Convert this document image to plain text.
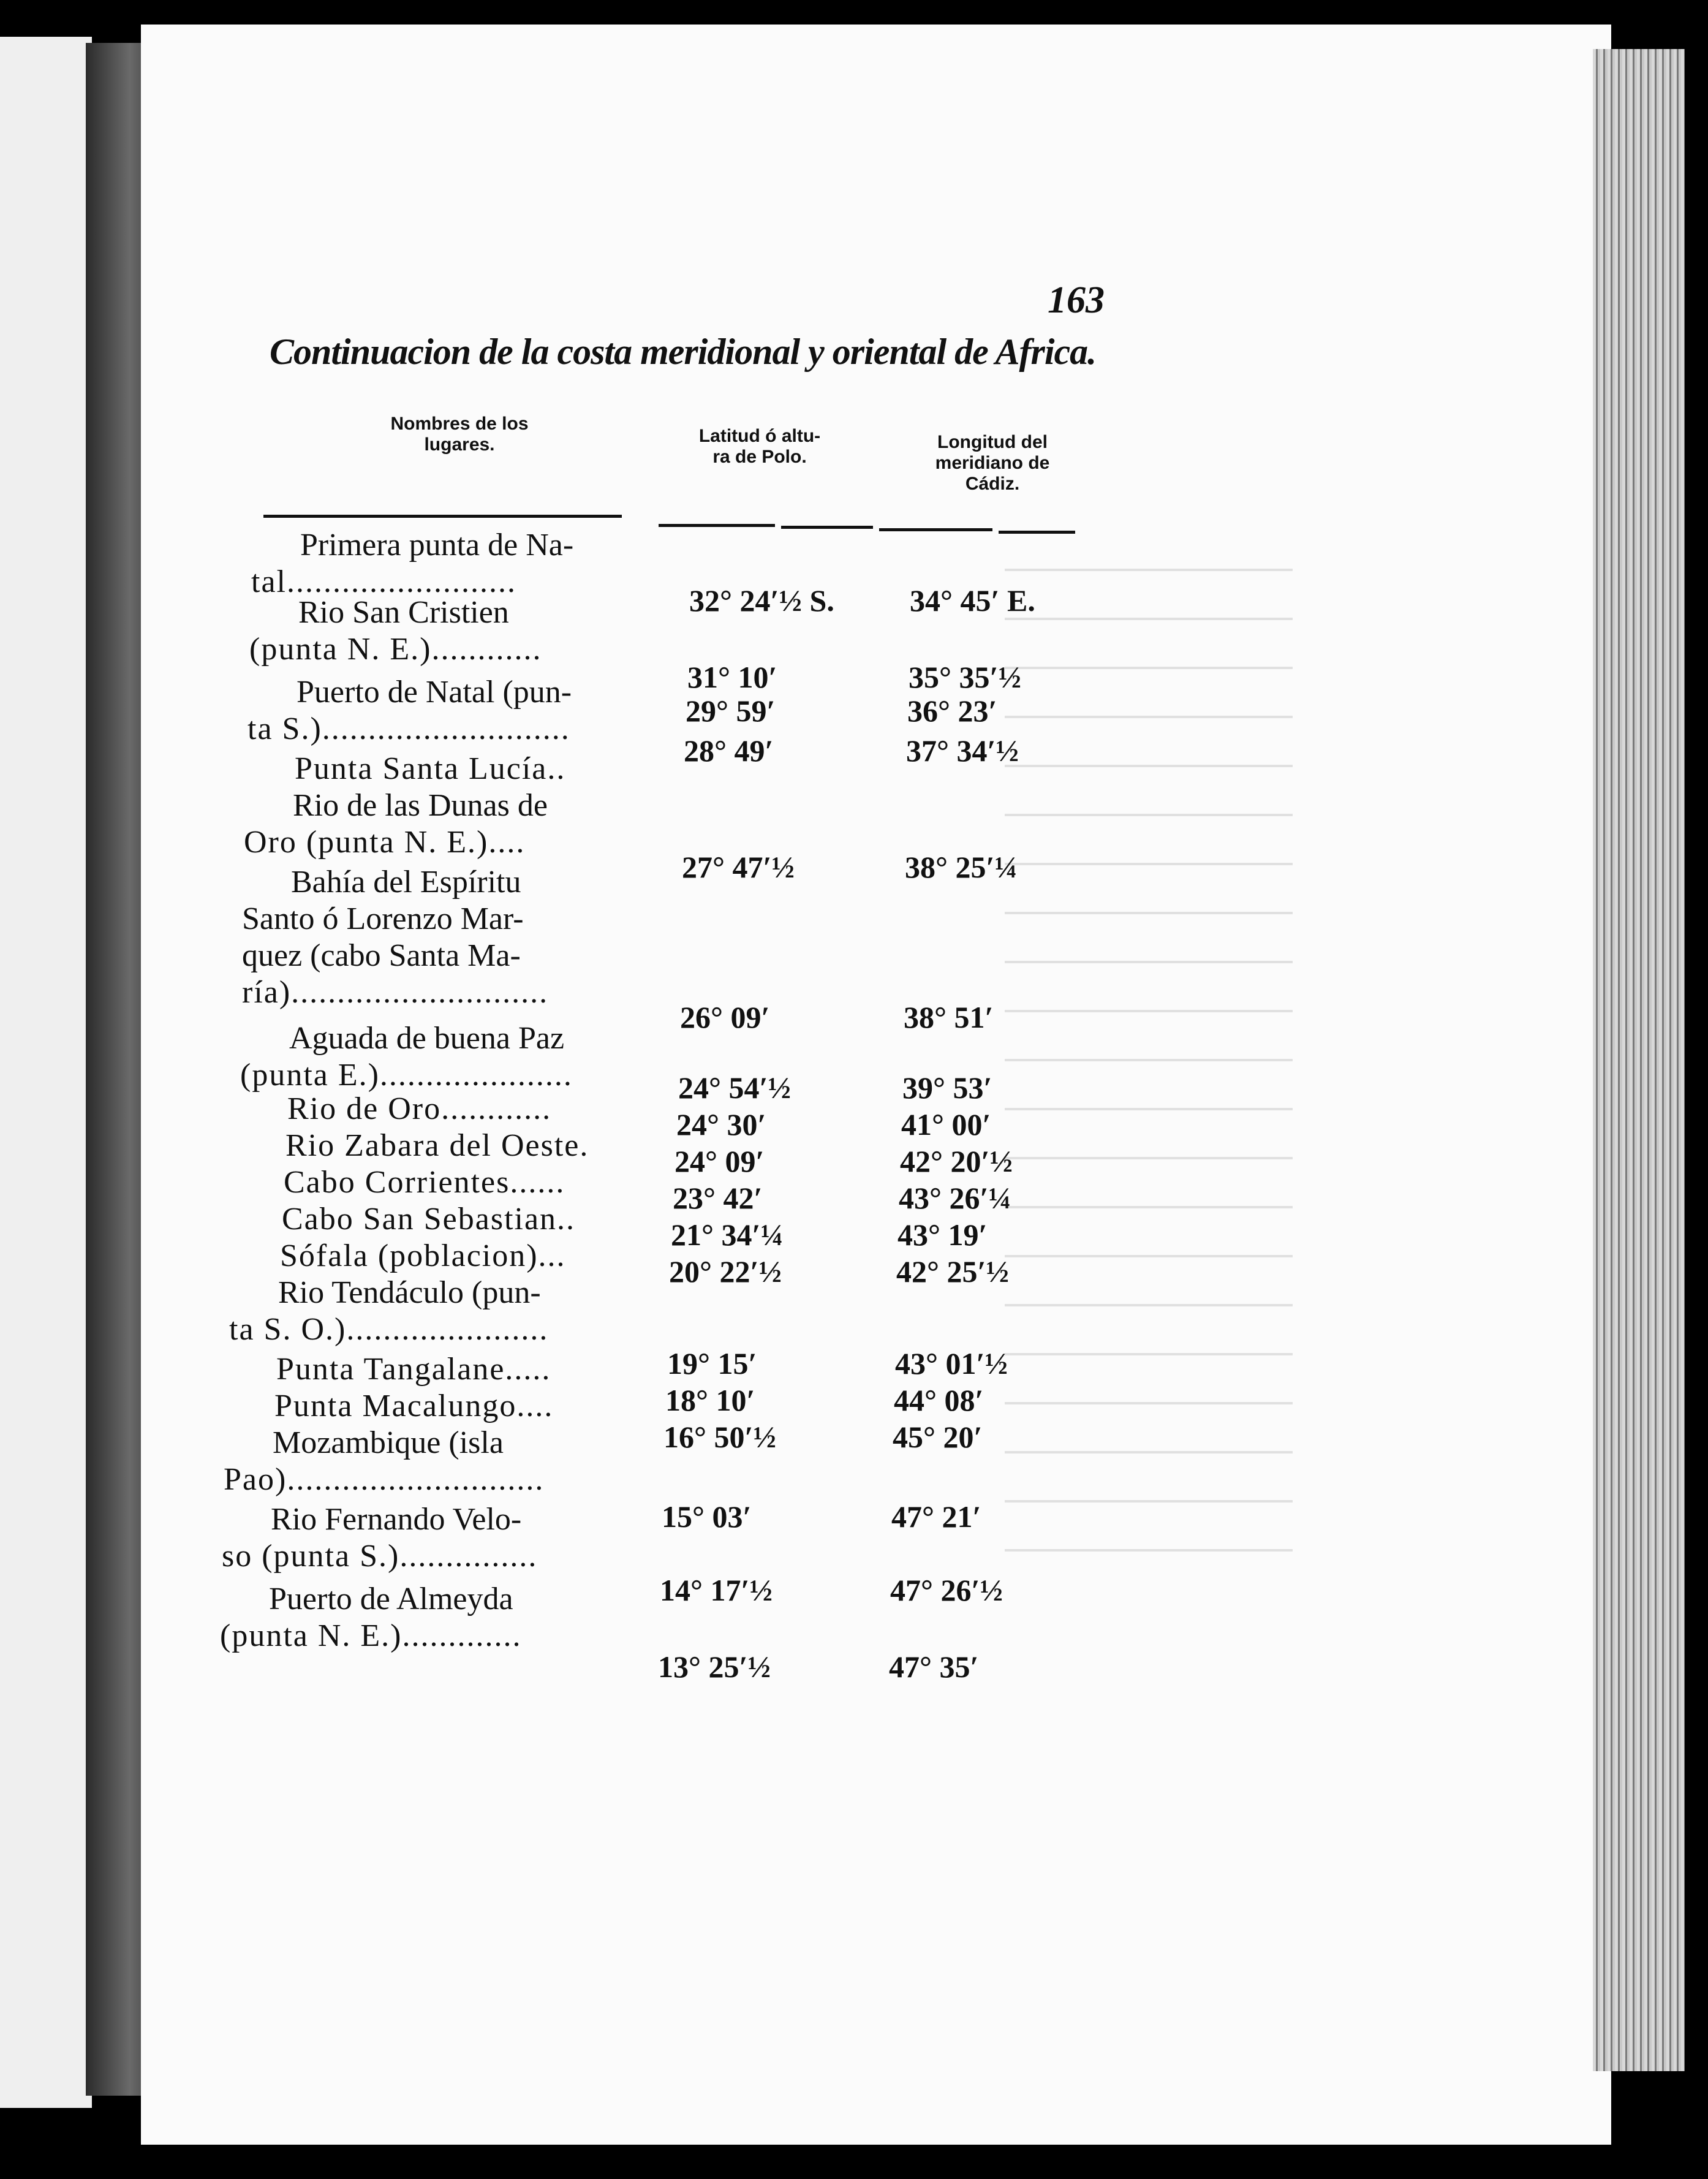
163
Continuacion de la costa meridional y oriental de Africa.
Nombres de los
lugares.	Latitud ó altu-
ra de Polo.
Longitud del
meridiano de
Cádiz.
Primera punta de Na-
tal.........................
32° 24′½ S. 34° 45′ E.
Rio San Cristien
(punta N. E.)............
31° 10′	35° 35′½
Puerto de Natal (pun-
ta S.)...........................
29° 59′	36° 23′
Punta Santa Lucía..
28° 49′	37° 34′½
Rio de las Dunas de
Oro (punta N. E.)....
27° 47′½	38° 25′¼
Bahía del Espíritu
Santo ó Lorenzo Mar-
quez (cabo Santa Ma-
ría)............................
26° 09′	38° 51′
Aguada de buena Paz
(punta E.).....................	24° 54′½	39° 53′
Rio de Oro............	24° 30′	41° 00′
Rio Zabara del Oeste.	24° 09′	42° 20′½
Cabo Corrientes......	23° 42′	43° 26′¼
Cabo San Sebastian..	21° 34′¼	43° 19′
Sófala (poblacion)...	20° 22′½	42° 25′½
Rio Tendáculo (pun-
ta S. O.)......................
19° 15′	43° 01′½
Punta Tangalane.....
18° 10′	44° 08′
Punta Macalungo....
16° 50′½	45° 20′
Mozambique (isla
Pao)............................
15° 03′	47° 21′
Rio Fernando Velo-
so (punta S.)...............
14° 17′½	47° 26′½
Puerto de Almeyda
(punta N. E.).............
13° 25′½	47° 35′
